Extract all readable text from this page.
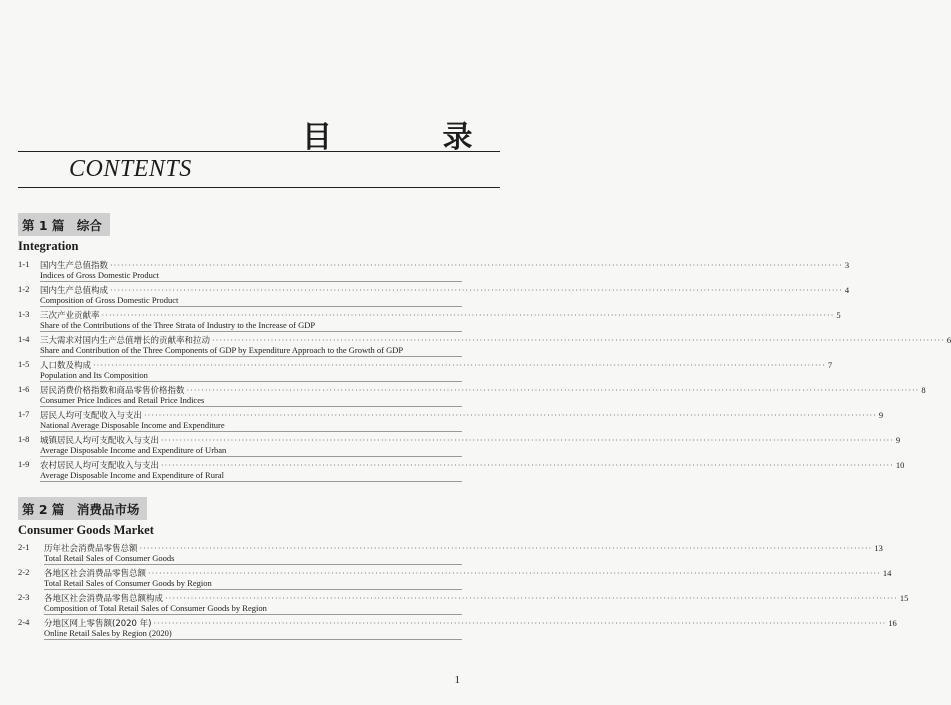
目 录
CONTENTS
第 1 篇　综合
Integration
1-1 国内生产总值指数 ········································································································································································································ 3
Indices of Gross Domestic Product
1-2 国内生产总值构成 ········································································································································································································ 4
Composition of Gross Domestic Product
1-3 三次产业贡献率 ········································································································································································································ 5
Share of the Contributions of the Three Strata of Industry to the Increase of GDP
1-4 三大需求对国内生产总值增长的贡献率和拉动 ········································································································································································································ 6
Share and Contribution of the Three Components of GDP by Expenditure Approach to the Growth of GDP
1-5 人口数及构成 ········································································································································································································ 7
Population and Its Composition
1-6 居民消费价格指数和商品零售价格指数 ········································································································································································································ 8
Consumer Price Indices and Retail Price Indices
1-7 居民人均可支配收入与支出 ········································································································································································································ 9
National Average Disposable Income and Expenditure
1-8 城镇居民人均可支配收入与支出 ········································································································································································································ 9
Average Disposable Income and Expenditure of Urban
1-9 农村居民人均可支配收入与支出 ········································································································································································································ 10
Average Disposable Income and Expenditure of Rural
第 2 篇　消费品市场
Consumer Goods Market
2-1 历年社会消费品零售总额 ········································································································································································································ 13
Total Retail Sales of Consumer Goods
2-2 各地区社会消费品零售总额 ········································································································································································································ 14
Total Retail Sales of Consumer Goods by Region
2-3 各地区社会消费品零售总额构成 ········································································································································································································ 15
Composition of Total Retail Sales of Consumer Goods by Region
2-4 分地区网上零售额(2020 年) ········································································································································································································ 16
Online Retail Sales by Region (2020)
1
